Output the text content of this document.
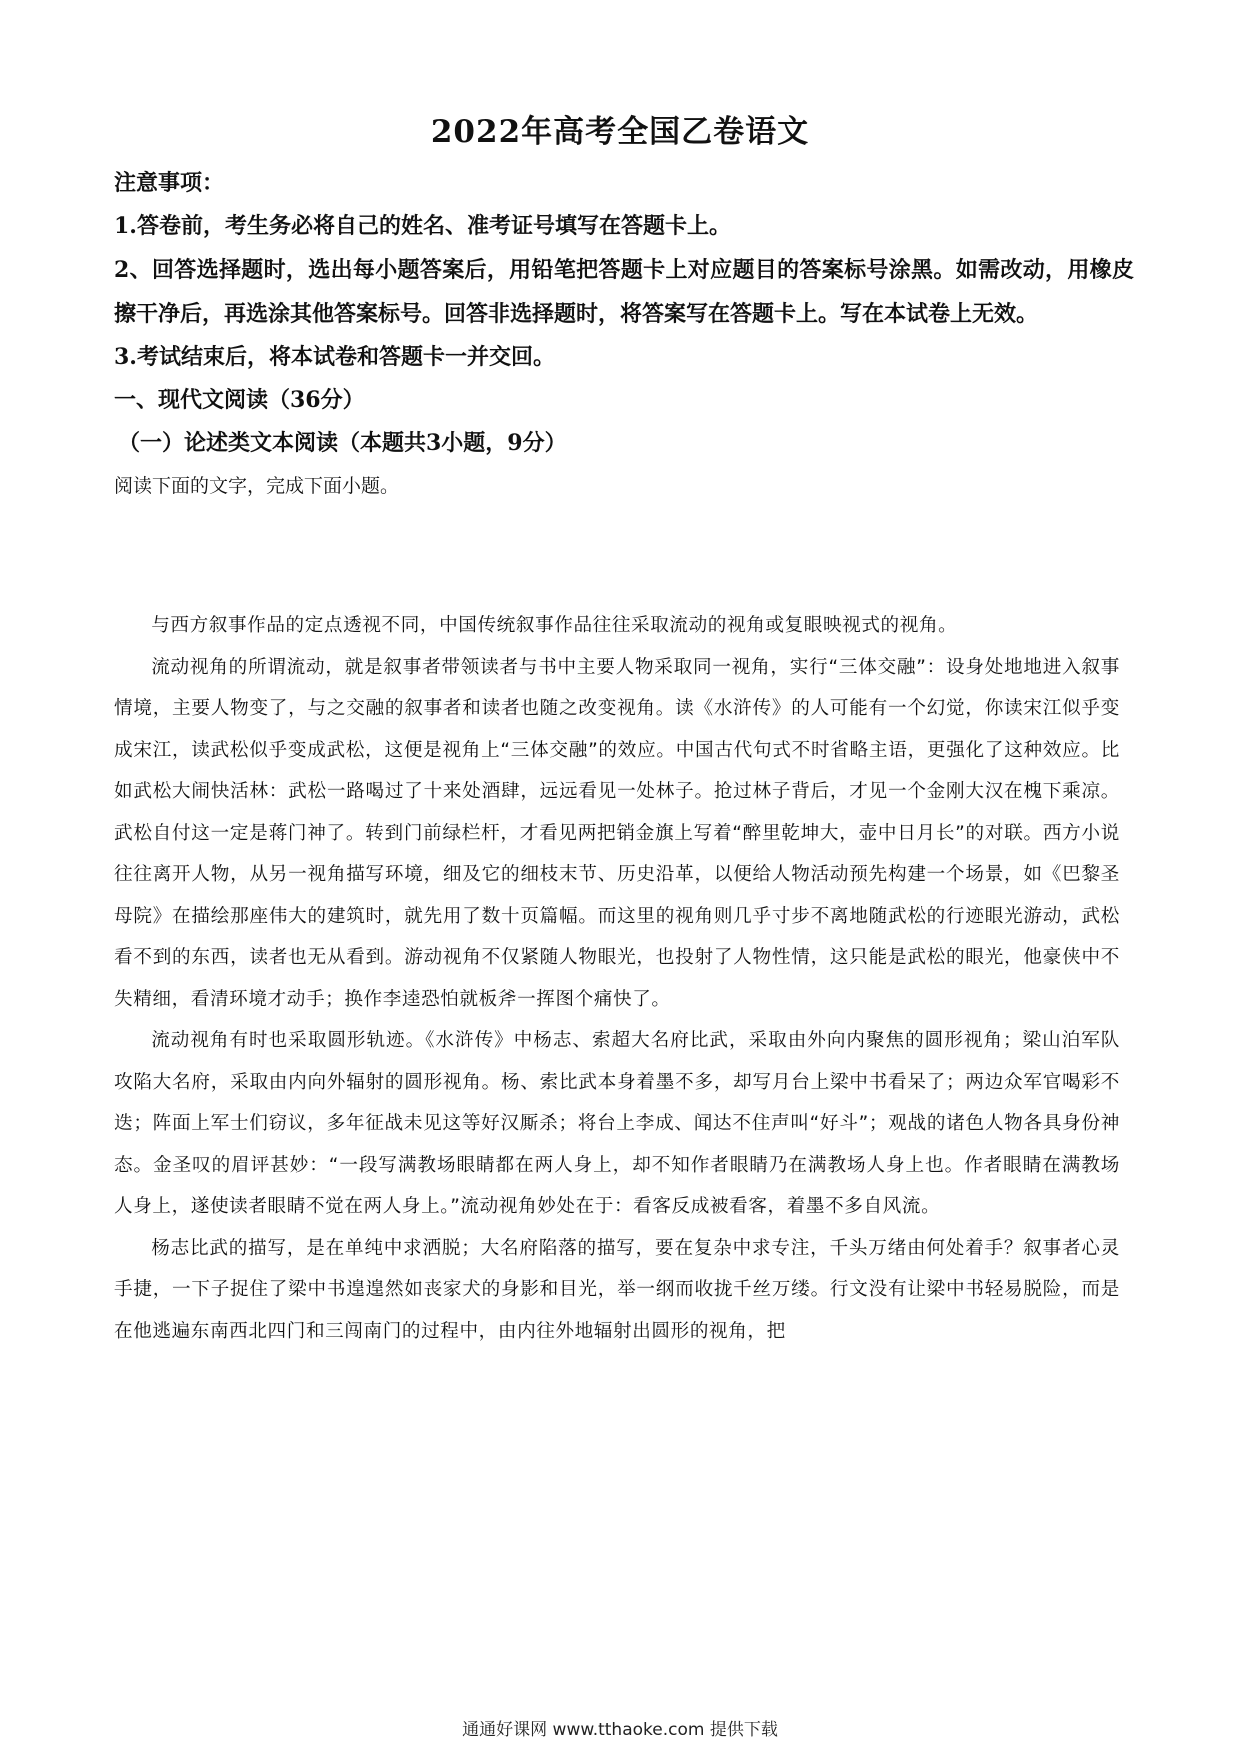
2022年高考全国乙卷语文

注意事项：

1.答卷前，考生务必将自己的姓名、准考证号填写在答题卡上。

2、回答选择题时，选出每小题答案后，用铅笔把答题卡上对应题目的答案标号涂黑。如需改动，用橡皮擦干净后，再选涂其他答案标号。回答非选择题时，将答案写在答题卡上。写在本试卷上无效。

3.考试结束后，将本试卷和答题卡一并交回。

一、现代文阅读（36分）

（一）论述类文本阅读（本题共3小题，9分）

阅读下面的文字，完成下面小题。

与西方叙事作品的定点透视不同，中国传统叙事作品往往采取流动的视角或复眼映视式的视角。

流动视角的所谓流动，就是叙事者带领读者与书中主要人物采取同一视角，实行“三体交融”：设身处地地进入叙事情境，主要人物变了，与之交融的叙事者和读者也随之改变视角。读《水浒传》的人可能有一个幻觉，你读宋江似乎变成宋江，读武松似乎变成武松，这便是视角上“三体交融”的效应。中国古代句式不时省略主语，更强化了这种效应。比如武松大闹快活林：武松一路喝过了十来处酒肆，远远看见一处林子。抢过林子背后，才见一个金刚大汉在槐下乘凉。武松自付这一定是蒋门神了。转到门前绿栏杆，才看见两把销金旗上写着“醉里乾坤大，壶中日月长”的对联。西方小说往往离开人物，从另一视角描写环境，细及它的细枝末节、历史沿革，以便给人物活动预先构建一个场景，如《巴黎圣母院》在描绘那座伟大的建筑时，就先用了数十页篇幅。而这里的视角则几乎寸步不离地随武松的行迹眼光游动，武松看不到的东西，读者也无从看到。游动视角不仅紧随人物眼光，也投射了人物性情，这只能是武松的眼光，他豪侠中不失精细，看清环境才动手；换作李逵恐怕就板斧一挥图个痛快了。

流动视角有时也采取圆形轨迹。《水浒传》中杨志、索超大名府比武，采取由外向内聚焦的圆形视角；梁山泊军队攻陷大名府，采取由内向外辐射的圆形视角。杨、索比武本身着墨不多，却写月台上梁中书看呆了；两边众军官喝彩不迭；阵面上军士们窃议，多年征战未见这等好汉厮杀；将台上李成、闻达不住声叫“好斗”；观战的诸色人物各具身份神态。金圣叹的眉评甚妙：“一段写满教场眼睛都在两人身上，却不知作者眼睛乃在满教场人身上也。作者眼睛在满教场人身上，遂使读者眼睛不觉在两人身上。”流动视角妙处在于：看客反成被看客，着墨不多自风流。

杨志比武的描写，是在单纯中求洒脱；大名府陷落的描写，要在复杂中求专注，千头万绪由何处着手？叙事者心灵手捷，一下子捉住了梁中书遑遑然如丧家犬的身影和目光，举一纲而收拢千丝万缕。行文没有让梁中书轻易脱险，而是在他逃遍东南西北四门和三闯南门的过程中，由内往外地辐射出圆形的视角，把

通通好课网 www.tthaoke.com 提供下载
